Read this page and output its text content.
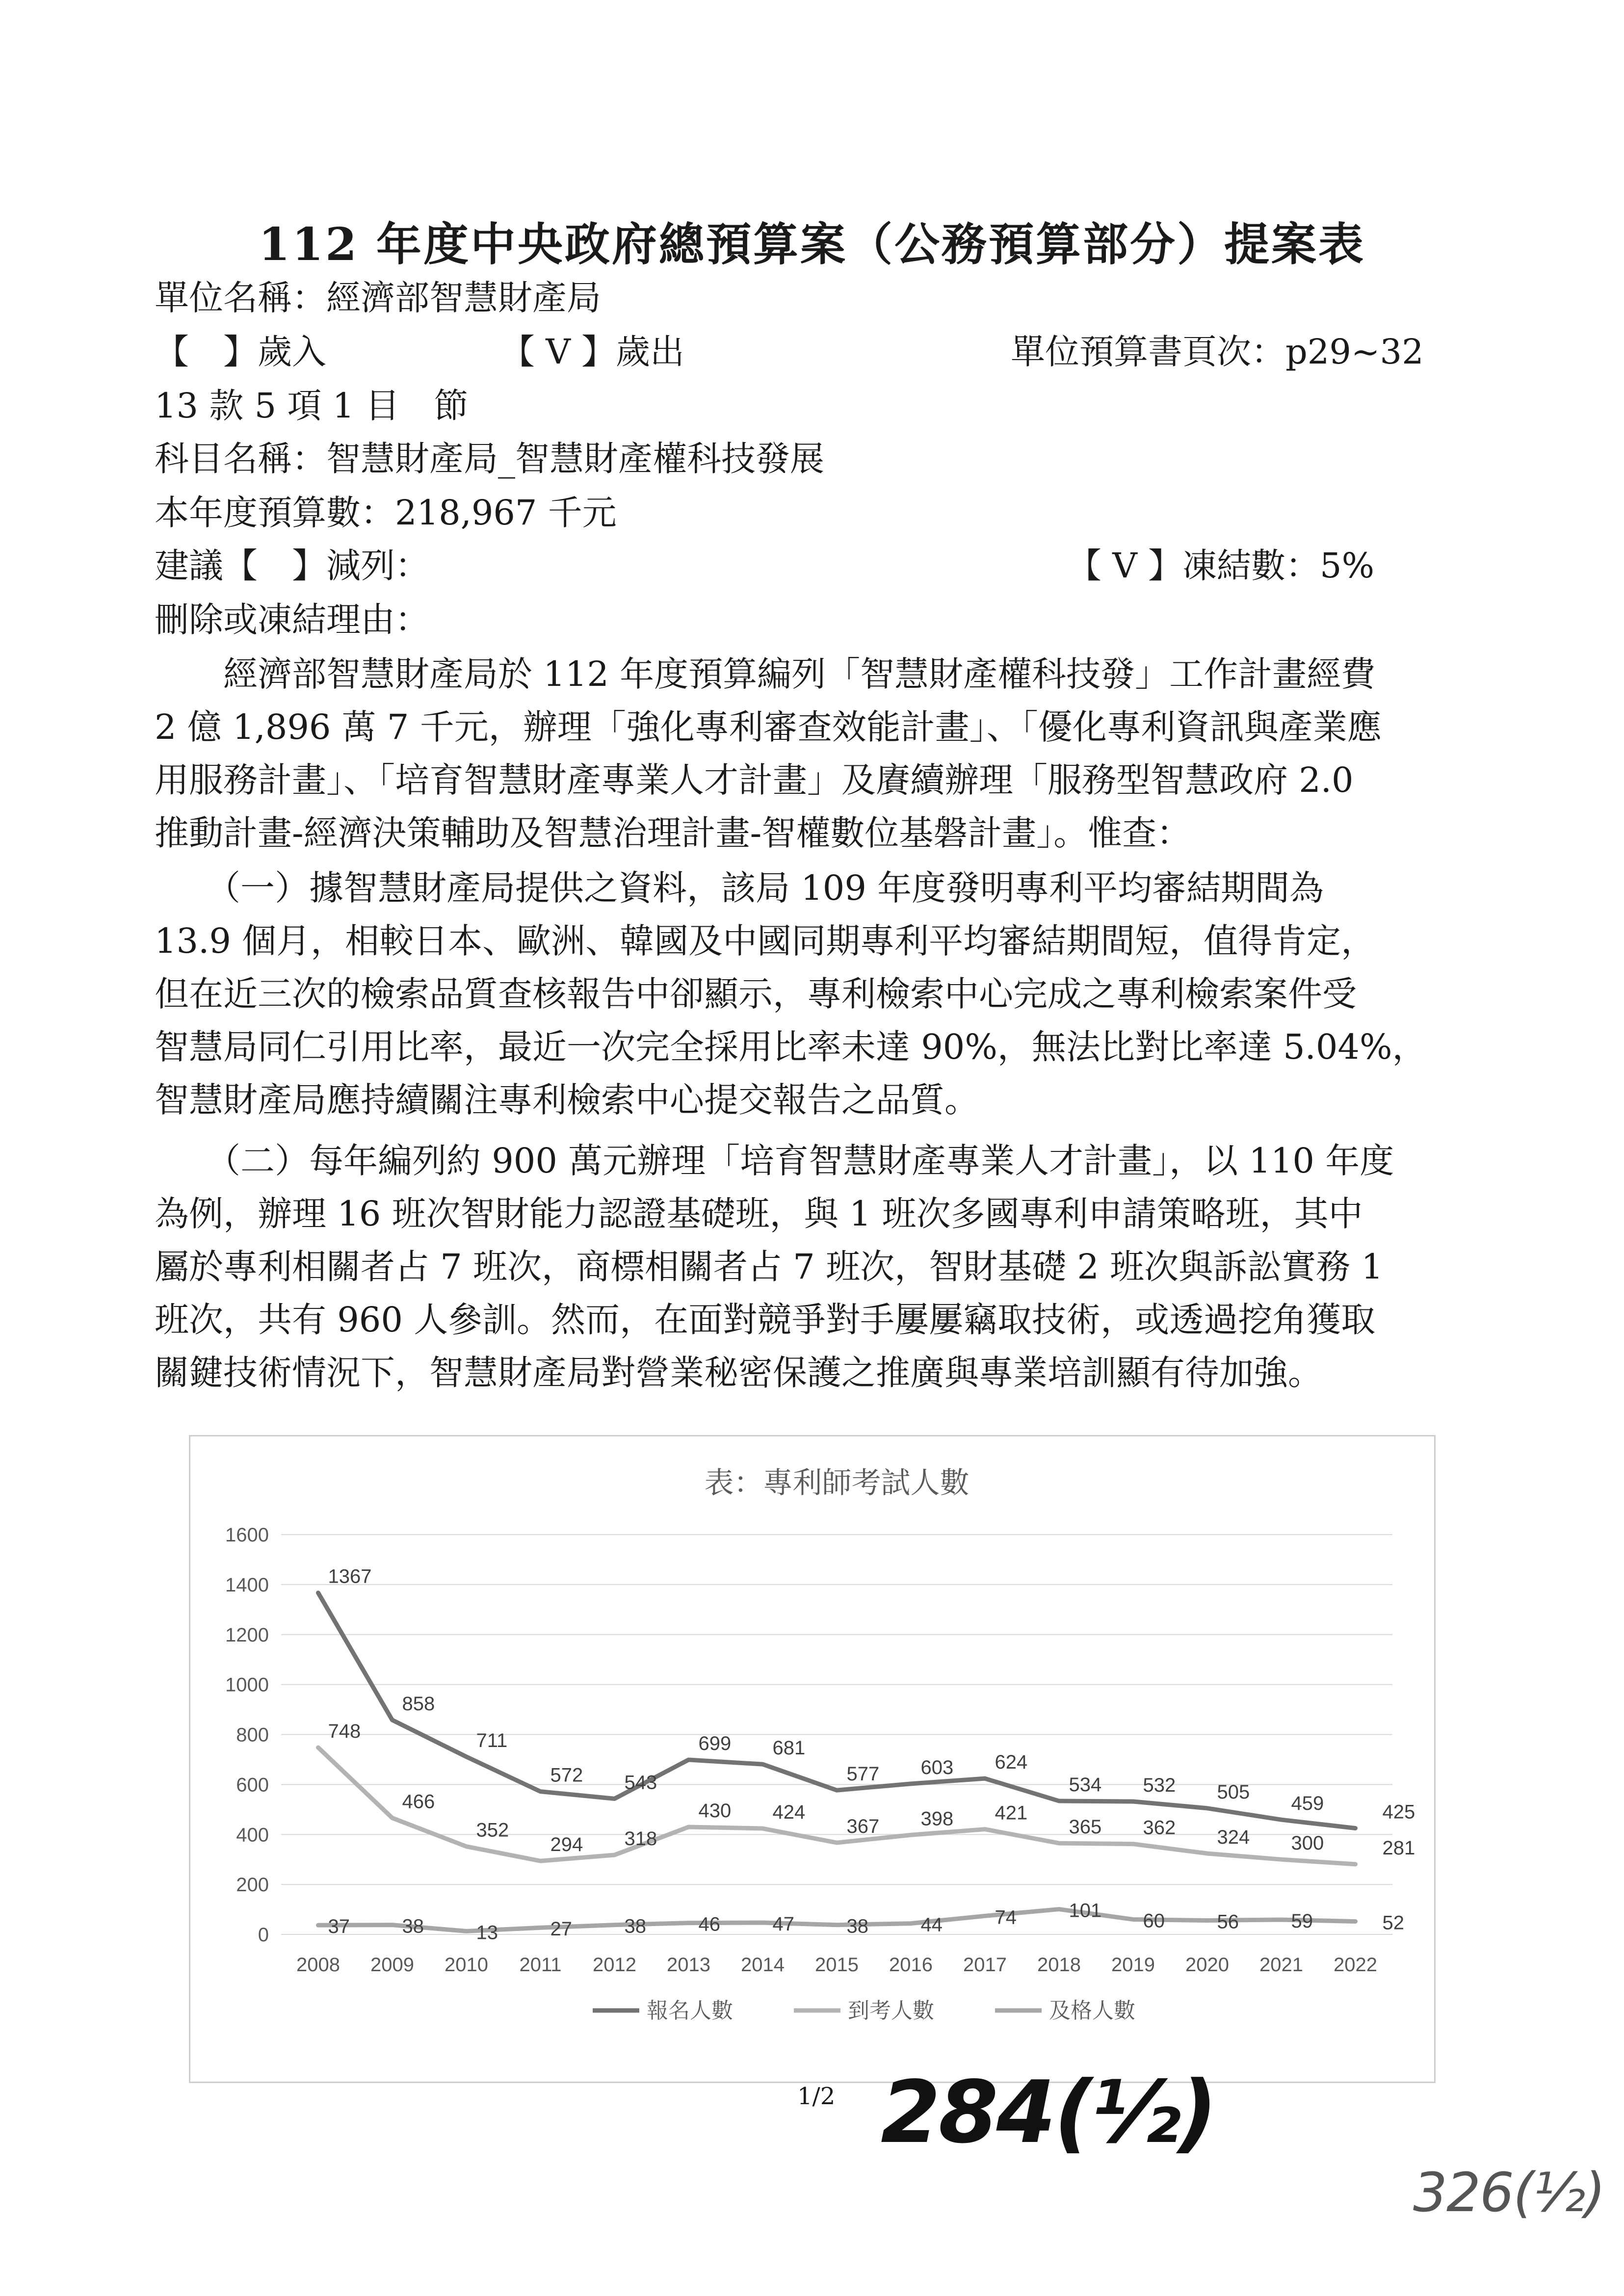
112 年度中央政府總預算案（公務預算部分）提案表
單位名稱：經濟部智慧財產局
【　】歲入	【 V 】歲出	單位預算書頁次：p29~32
13 款 5 項 1 目　節
科目名稱：智慧財產局_智慧財產權科技發展
本年度預算數：218,967 千元
建議【　】減列：	【 V 】凍結數：5%
刪除或凍結理由：
　　經濟部智慧財產局於 112 年度預算編列「智慧財產權科技發」工作計畫經費
2 億 1,896 萬 7 千元，辦理「強化專利審查效能計畫」、「優化專利資訊與產業應
用服務計畫」、「培育智慧財產專業人才計畫」及賡續辦理「服務型智慧政府 2.0
推動計畫-經濟決策輔助及智慧治理計畫-智權數位基磐計畫」。惟查：
　　（一）據智慧財產局提供之資料，該局 109 年度發明專利平均審結期間為
13.9 個月，相較日本、歐洲、韓國及中國同期專利平均審結期間短，值得肯定，
但在近三次的檢索品質查核報告中卻顯示，專利檢索中心完成之專利檢索案件受
智慧局同仁引用比率，最近一次完全採用比率未達 90%，無法比對比率達 5.04%，
智慧財產局應持續關注專利檢索中心提交報告之品質。
　　（二）每年編列約 900 萬元辦理「培育智慧財產專業人才計畫」，以 110 年度
為例，辦理 16 班次智財能力認證基礎班，與 1 班次多國專利申請策略班，其中
屬於專利相關者占 7 班次，商標相關者占 7 班次，智財基礎 2 班次與訴訟實務 1
班次，共有 960 人參訓。然而，在面對競爭對手屢屢竊取技術，或透過挖角獲取
關鍵技術情況下，智慧財產局對營業秘密保護之推廣與專業培訓顯有待加強。
表：專利師考試人數
0
200
400
600
800
1000
1200
1400
1600
2008 2009 2010 2011 2012 2013 2014 2015 2016 2017 2018 2019 2020 2021 2022
1367
858
711
572 543
699 681
577 603 624
534 532 505
459	425
748
466
352
294 318
430 424
367 398 421
365 362 324 300	281
37	38	13	27	38	46	47	38	44	74	101 60	56	59	52
報名人數	到考人數	及格人數
1/2 284(½)
326(½)
